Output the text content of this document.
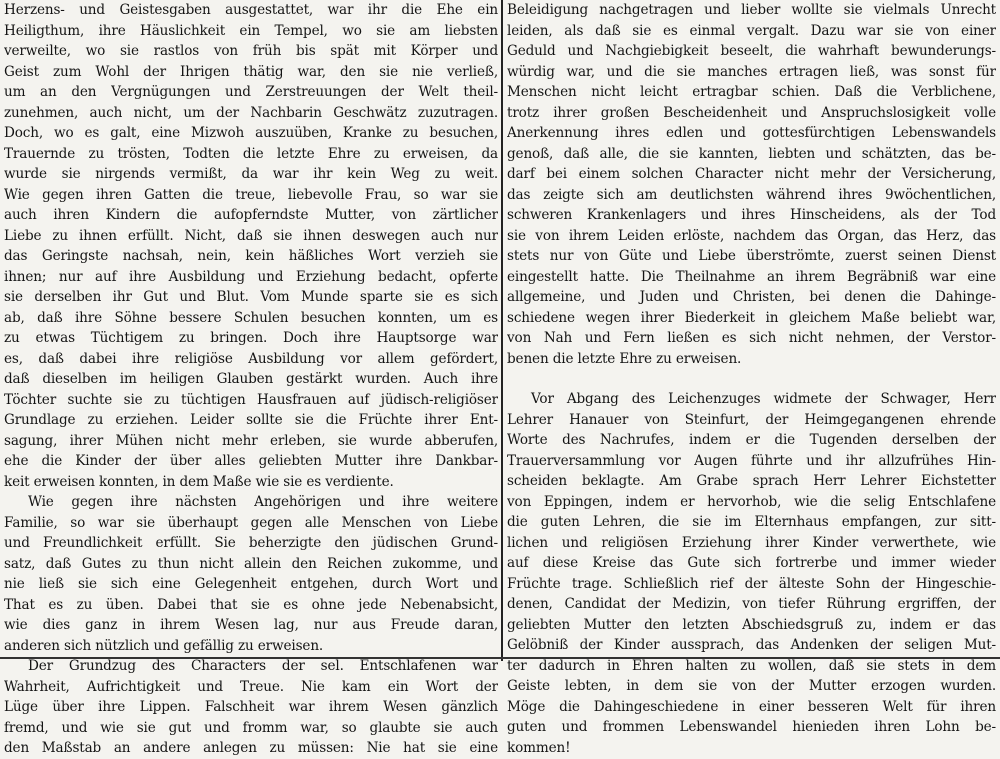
Herzens- und Geistesgaben ausgestattet, war ihr die Ehe ein
Heiligthum, ihre Häuslichkeit ein Tempel, wo sie am liebsten
verweilte, wo sie rastlos von früh bis spät mit Körper und
Geist zum Wohl der Ihrigen thätig war, den sie nie verließ,
um an den Vergnügungen und Zerstreuungen der Welt theil-
zunehmen, auch nicht, um der Nachbarin Geschwätz zuzutragen.
Doch, wo es galt, eine Mizwoh auszuüben, Kranke zu besuchen,
Trauernde zu trösten, Todten die letzte Ehre zu erweisen, da
wurde sie nirgends vermißt, da war ihr kein Weg zu weit.
Wie gegen ihren Gatten die treue, liebevolle Frau, so war sie
auch ihren Kindern die aufopferndste Mutter, von zärtlicher
Liebe zu ihnen erfüllt. Nicht, daß sie ihnen deswegen auch nur
das Geringste nachsah, nein, kein häßliches Wort verzieh sie
ihnen; nur auf ihre Ausbildung und Erziehung bedacht, opferte
sie derselben ihr Gut und Blut. Vom Munde sparte sie es sich
ab, daß ihre Söhne bessere Schulen besuchen konnten, um es
zu etwas Tüchtigem zu bringen. Doch ihre Hauptsorge war
es, daß dabei ihre religiöse Ausbildung vor allem gefördert,
daß dieselben im heiligen Glauben gestärkt wurden. Auch ihre
Töchter suchte sie zu tüchtigen Hausfrauen auf jüdisch-religiöser
Grundlage zu erziehen. Leider sollte sie die Früchte ihrer Ent-
sagung, ihrer Mühen nicht mehr erleben, sie wurde abberufen,
ehe die Kinder der über alles geliebten Mutter ihre Dankbar-
keit erweisen konnten, in dem Maße wie sie es verdiente.
Wie gegen ihre nächsten Angehörigen und ihre weitere
Familie, so war sie überhaupt gegen alle Menschen von Liebe
und Freundlichkeit erfüllt. Sie beherzigte den jüdischen Grund-
satz, daß Gutes zu thun nicht allein den Reichen zukomme, und
nie ließ sie sich eine Gelegenheit entgehen, durch Wort und
That es zu üben. Dabei that sie es ohne jede Nebenabsicht,
wie dies ganz in ihrem Wesen lag, nur aus Freude daran,
anderen sich nützlich und gefällig zu erweisen.
Der Grundzug des Characters der sel. Entschlafenen war
Wahrheit, Aufrichtigkeit und Treue. Nie kam ein Wort der
Lüge über ihre Lippen. Falschheit war ihrem Wesen gänzlich
fremd, und wie sie gut und fromm war, so glaubte sie auch
den Maßstab an andere anlegen zu müssen: Nie hat sie eine
Beleidigung nachgetragen und lieber wollte sie vielmals Unrecht
leiden, als daß sie es einmal vergalt. Dazu war sie von einer
Geduld und Nachgiebigkeit beseelt, die wahrhaft bewunderungs-
würdig war, und die sie manches ertragen ließ, was sonst für
Menschen nicht leicht ertragbar schien. Daß die Verblichene,
trotz ihrer großen Bescheidenheit und Anspruchslosigkeit volle
Anerkennung ihres edlen und gottesfürchtigen Lebenswandels
genoß, daß alle, die sie kannten, liebten und schätzten, das be-
darf bei einem solchen Character nicht mehr der Versicherung,
das zeigte sich am deutlichsten während ihres 9wöchentlichen,
schweren Krankenlagers und ihres Hinscheidens, als der Tod
sie von ihrem Leiden erlöste, nachdem das Organ, das Herz, das
stets nur von Güte und Liebe überströmte, zuerst seinen Dienst
eingestellt hatte. Die Theilnahme an ihrem Begräbniß war eine
allgemeine, und Juden und Christen, bei denen die Dahinge-
schiedene wegen ihrer Biederkeit in gleichem Maße beliebt war,
von Nah und Fern ließen es sich nicht nehmen, der Verstor-
benen die letzte Ehre zu erweisen.
Vor Abgang des Leichenzuges widmete der Schwager, Herr
Lehrer Hanauer von Steinfurt, der Heimgegangenen ehrende
Worte des Nachrufes, indem er die Tugenden derselben der
Trauerversammlung vor Augen führte und ihr allzufrühes Hin-
scheiden beklagte. Am Grabe sprach Herr Lehrer Eichstetter
von Eppingen, indem er hervorhob, wie die selig Entschlafene
die guten Lehren, die sie im Elternhaus empfangen, zur sitt-
lichen und religiösen Erziehung ihrer Kinder verwerthete, wie
auf diese Kreise das Gute sich fortrerbe und immer wieder
Früchte trage. Schließlich rief der älteste Sohn der Hingeschie-
denen, Candidat der Medizin, von tiefer Rührung ergriffen, der
geliebten Mutter den letzten Abschiedsgruß zu, indem er das
Gelöbniß der Kinder aussprach, das Andenken der seligen Mut-
ter dadurch in Ehren halten zu wollen, daß sie stets in dem
Geiste lebten, in dem sie von der Mutter erzogen wurden.
Möge die Dahingeschiedene in einer besseren Welt für ihren
guten und frommen Lebenswandel hienieden ihren Lohn be-
kommen!
